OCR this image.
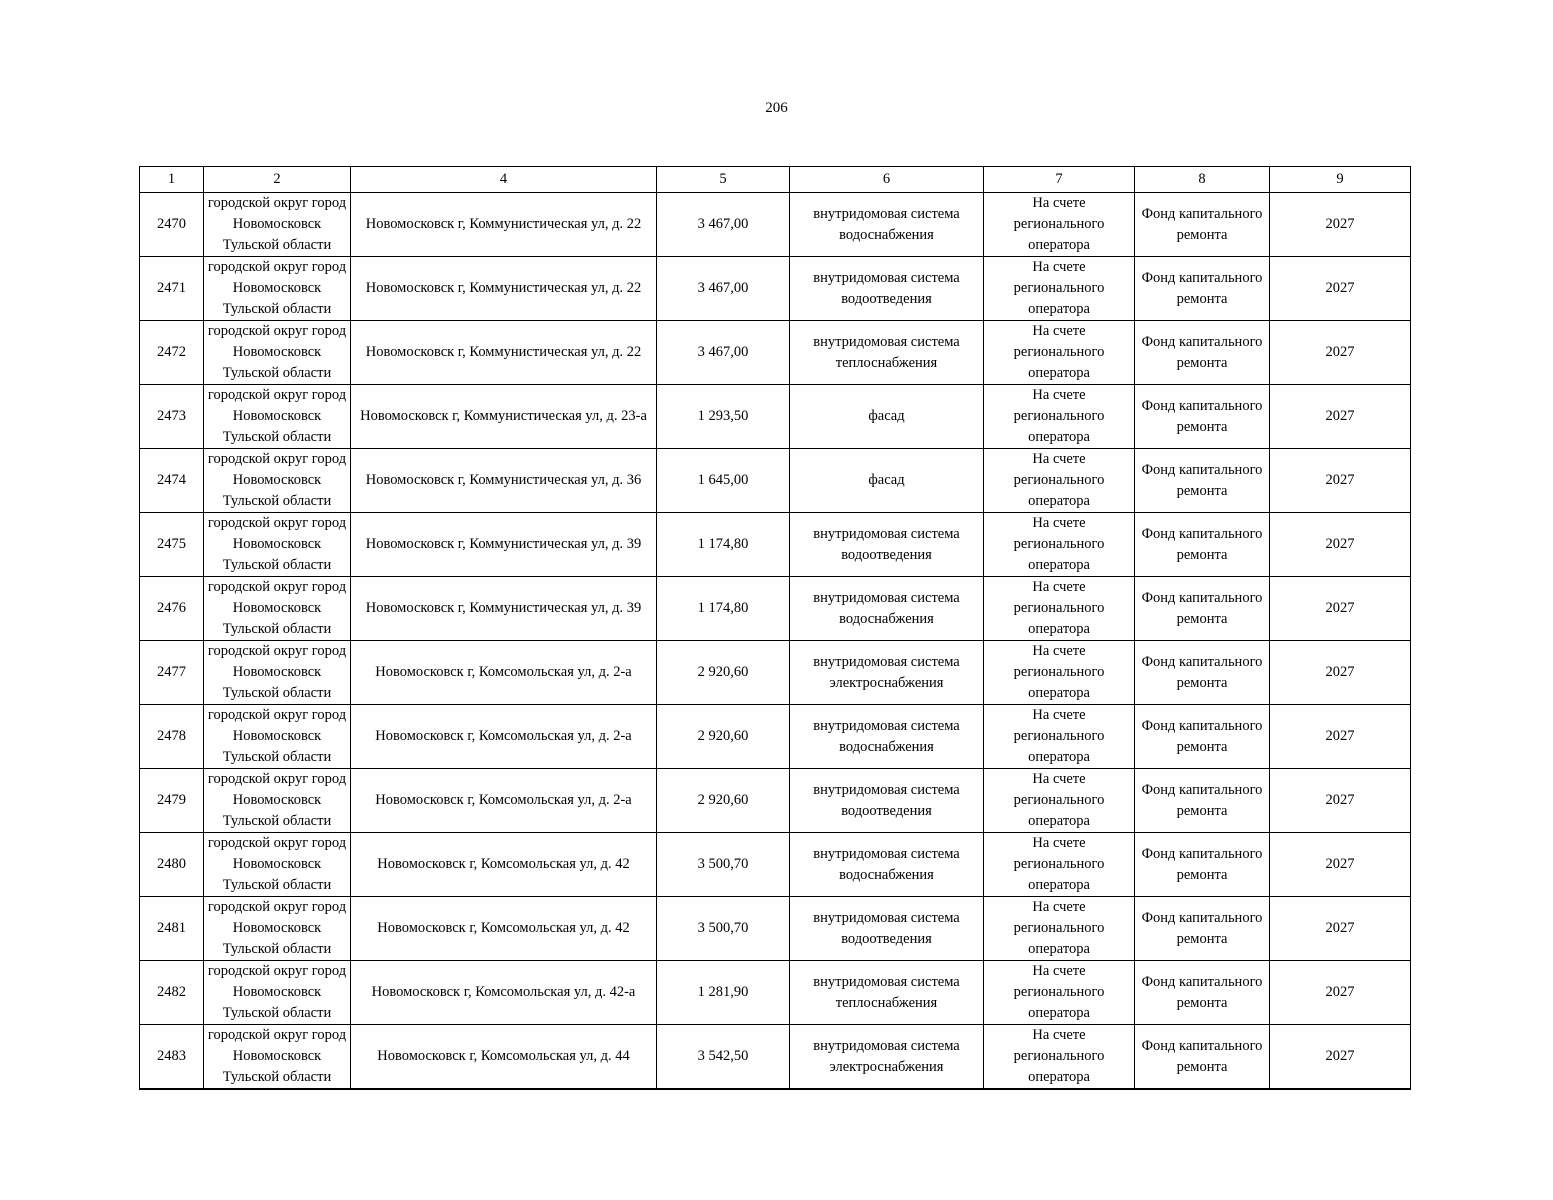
206
1	2	4	5	6	7	8	9
2470	городской округ город Новомосковск Тульской области	Новомосковск г, Коммунистическая ул, д. 22	3 467,00	внутридомовая система водоснабжения	На счете регионального оператора	Фонд капитального ремонта	2027
2471	городской округ город Новомосковск Тульской области	Новомосковск г, Коммунистическая ул, д. 22	3 467,00	внутридомовая система водоотведения	На счете регионального оператора	Фонд капитального ремонта	2027
2472	городской округ город Новомосковск Тульской области	Новомосковск г, Коммунистическая ул, д. 22	3 467,00	внутридомовая система теплоснабжения	На счете регионального оператора	Фонд капитального ремонта	2027
2473	городской округ город Новомосковск Тульской области	Новомосковск г, Коммунистическая ул, д. 23-а	1 293,50	фасад	На счете регионального оператора	Фонд капитального ремонта	2027
2474	городской округ город Новомосковск Тульской области	Новомосковск г, Коммунистическая ул, д. 36	1 645,00	фасад	На счете регионального оператора	Фонд капитального ремонта	2027
2475	городской округ город Новомосковск Тульской области	Новомосковск г, Коммунистическая ул, д. 39	1 174,80	внутридомовая система водоотведения	На счете регионального оператора	Фонд капитального ремонта	2027
2476	городской округ город Новомосковск Тульской области	Новомосковск г, Коммунистическая ул, д. 39	1 174,80	внутридомовая система водоснабжения	На счете регионального оператора	Фонд капитального ремонта	2027
2477	городской округ город Новомосковск Тульской области	Новомосковск г, Комсомольская ул, д. 2-а	2 920,60	внутридомовая система электроснабжения	На счете регионального оператора	Фонд капитального ремонта	2027
2478	городской округ город Новомосковск Тульской области	Новомосковск г, Комсомольская ул, д. 2-а	2 920,60	внутридомовая система водоснабжения	На счете регионального оператора	Фонд капитального ремонта	2027
2479	городской округ город Новомосковск Тульской области	Новомосковск г, Комсомольская ул, д. 2-а	2 920,60	внутридомовая система водоотведения	На счете регионального оператора	Фонд капитального ремонта	2027
2480	городской округ город Новомосковск Тульской области	Новомосковск г, Комсомольская ул, д. 42	3 500,70	внутридомовая система водоснабжения	На счете регионального оператора	Фонд капитального ремонта	2027
2481	городской округ город Новомосковск Тульской области	Новомосковск г, Комсомольская ул, д. 42	3 500,70	внутридомовая система водоотведения	На счете регионального оператора	Фонд капитального ремонта	2027
2482	городской округ город Новомосковск Тульской области	Новомосковск г, Комсомольская ул, д. 42-а	1 281,90	внутридомовая система теплоснабжения	На счете регионального оператора	Фонд капитального ремонта	2027
2483	городской округ город Новомосковск Тульской области	Новомосковск г, Комсомольская ул, д. 44	3 542,50	внутридомовая система электроснабжения	На счете регионального оператора	Фонд капитального ремонта	2027
